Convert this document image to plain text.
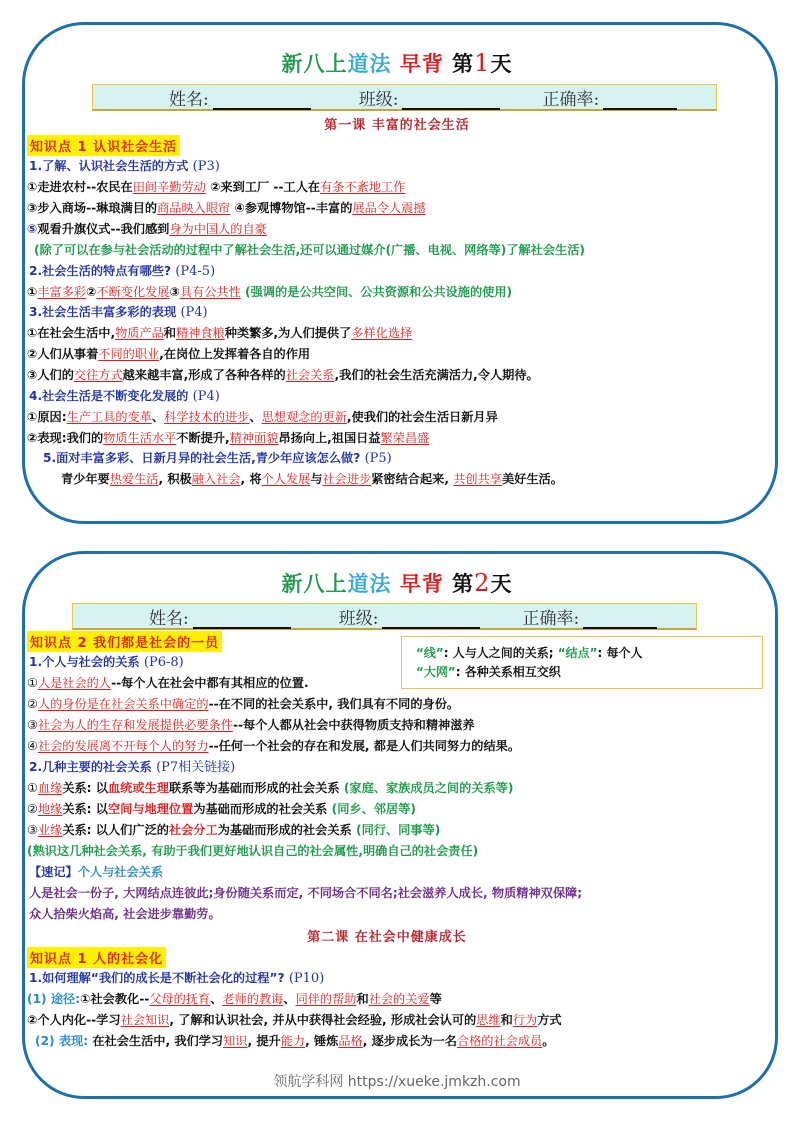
新八上道法 早背 第1天
姓名:	班级:	正确率:
第一课 丰富的社会生活
知识点 1 认识社会生活
1.了解、认识社会生活的方式 (P3)
①走进农村--农民在田间辛勤劳动 ②来到工厂 --工人在有条不紊地工作
③步入商场--琳琅满目的商品映入眼帘 ④参观博物馆--丰富的展品令人震撼
⑤观看升旗仪式--我们感到身为中国人的自豪
(除了可以在参与社会活动的过程中了解社会生活,还可以通过媒介(广播、电视、网络等)了解社会生活)
2.社会生活的特点有哪些? (P4-5)
①丰富多彩②不断变化发展③具有公共性 (强调的是公共空间、公共资源和公共设施的使用)
3.社会生活丰富多彩的表现 (P4)
①在社会生活中,物质产品和精神食粮种类繁多,为人们提供了多样化选择
②人们从事着不同的职业,在岗位上发挥着各自的作用
③人们的交往方式越来越丰富,形成了各种各样的社会关系,我们的社会生活充满活力,令人期待。
4.社会生活是不断变化发展的 (P4)
①原因:生产工具的变革、科学技术的进步、思想观念的更新,使我们的社会生活日新月异
②表现:我们的物质生活水平不断提升,精神面貌昂扬向上,祖国日益繁荣昌盛
5.面对丰富多彩、日新月异的社会生活,青少年应该怎么做? (P5)
青少年要热爱生活, 积极融入社会, 将个人发展与社会进步紧密结合起来, 共创共享美好生活。
新八上道法 早背 第2天
姓名:	班级:	正确率:
知识点 2 我们都是社会的一员
“线”: 人与人之间的关系; “结点”: 每个人
“大网”: 各种关系相互交织
1.个人与社会的关系 (P6-8)
①人是社会的人--每个人在社会中都有其相应的位置.
②人的身份是在社会关系中确定的--在不同的社会关系中, 我们具有不同的身份。
③社会为人的生存和发展提供必要条件--每个人都从社会中获得物质支持和精神滋养
④社会的发展离不开每个人的努力--任何一个社会的存在和发展, 都是人们共同努力的结果。
2.几种主要的社会关系 (P7相关链接)
①血缘关系: 以血统或生理联系等为基础而形成的社会关系 (家庭、家族成员之间的关系等)
②地缘关系: 以空间与地理位置为基础而形成的社会关系 (同乡、邻居等)
③业缘关系: 以人们广泛的社会分工为基础而形成的社会关系 (同行、同事等)
(熟识这几种社会关系, 有助于我们更好地认识自己的社会属性,明确自己的社会责任)
【速记】个人与社会关系
人是社会一份子, 大网结点连彼此;身份随关系而定, 不同场合不同名;社会滋养人成长, 物质精神双保障;
众人拾柴火焰高, 社会进步靠勤劳。
第二课 在社会中健康成长
知识点 1 人的社会化
1.如何理解“我们的成长是不断社会化的过程”? (P10)
(1) 途径:①社会教化--父母的抚育、老师的教诲、同伴的帮助和社会的关爱等
②个人内化--学习社会知识, 了解和认识社会, 并从中获得社会经验, 形成社会认可的思维和行为方式
(2) 表现: 在社会生活中, 我们学习知识, 提升能力, 锤炼品格, 逐步成长为一名合格的社会成员。
领航学科网 https://xueke.jmkzh.com
